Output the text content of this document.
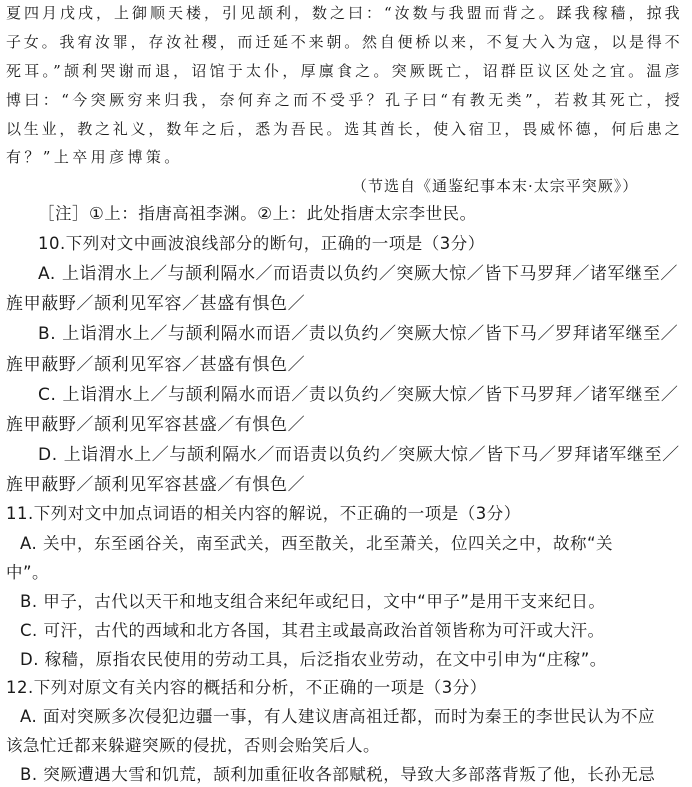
夏四月戊戌，上御顺天楼，引见颉利，数之曰：“汝数与我盟而背之。蹂我稼穑，掠我
子女。我宥汝罪，存汝社稷，而迁延不来朝。然自便桥以来，不复大入为寇，以是得不
死耳。”颉利哭谢而退，诏馆于太仆，厚廪食之。突厥既亡，诏群臣议区处之宜。温彦
博曰：“今突厥穷来归我，奈何弃之而不受乎？孔子曰“有教无类”，若救其死亡，授
以生业，教之礼义，数年之后，悉为吾民。选其酋长，使入宿卫，畏威怀德，何后患之
有？”上卒用彦博策。
（节选自《通鉴纪事本末·太宗平突厥》）
［注］①上：指唐高祖李渊。②上：此处指唐太宗李世民。
10.下列对文中画波浪线部分的断句，正确的一项是（3分）
A. 上诣渭水上／与颉利隔水／而语责以负约／突厥大惊／皆下马罗拜／诸军继至／
旌甲蔽野／颉利见军容／甚盛有惧色／
B. 上诣渭水上／与颉利隔水而语／责以负约／突厥大惊／皆下马／罗拜诸军继至／
旌甲蔽野／颉利见军容／甚盛有惧色／
C. 上诣渭水上／与颉利隔水而语／责以负约／突厥大惊／皆下马罗拜／诸军继至／
旌甲蔽野／颉利见军容甚盛／有惧色／
D. 上诣渭水上／与颉利隔水／而语责以负约／突厥大惊／皆下马／罗拜诸军继至／
旌甲蔽野／颉利见军容甚盛／有惧色／
11.下列对文中加点词语的相关内容的解说，不正确的一项是（3分）
A. 关中，东至函谷关，南至武关，西至散关，北至萧关，位四关之中，故称“关
中”。
B. 甲子，古代以天干和地支组合来纪年或纪日，文中“甲子”是用干支来纪日。
C. 可汗，古代的西域和北方各国，其君主或最高政治首领皆称为可汗或大汗。
D. 稼穑，原指农民使用的劳动工具，后泛指农业劳动，在文中引申为“庄稼”。
12.下列对原文有关内容的概括和分析，不正确的一项是（3分）
A. 面对突厥多次侵犯边疆一事，有人建议唐高祖迁都，而时为秦王的李世民认为不应
该急忙迁都来躲避突厥的侵扰，否则会贻笑后人。
B. 突厥遭遇大雪和饥荒，颉利加重征收各部赋税，导致大多部落背叛了他，长孙无忌
